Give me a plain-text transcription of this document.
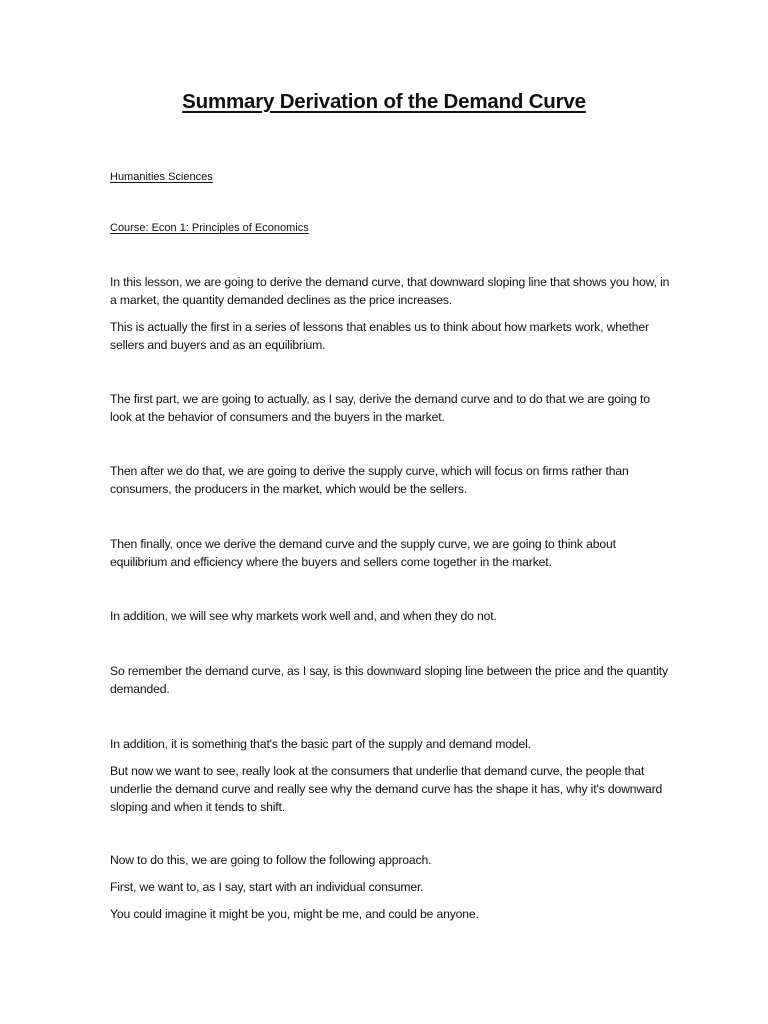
Summary Derivation of the Demand Curve
Humanities Sciences
Course: Econ 1: Principles of Economics
In this lesson, we are going to derive the demand curve, that downward sloping line that shows you how, in a market, the quantity demanded declines as the price increases.
This is actually the first in a series of lessons that enables us to think about how markets work, whether sellers and buyers and as an equilibrium.
The first part, we are going to actually, as I say, derive the demand curve and to do that we are going to look at the behavior of consumers and the buyers in the market.
Then after we do that, we are going to derive the supply curve, which will focus on firms rather than consumers, the producers in the market, which would be the sellers.
Then finally, once we derive the demand curve and the supply curve, we are going to think about equilibrium and efficiency where the buyers and sellers come together in the market.
In addition, we will see why markets work well and, and when they do not.
So remember the demand curve, as I say, is this downward sloping line between the price and the quantity demanded.
In addition, it is something that's the basic part of the supply and demand model.
But now we want to see, really look at the consumers that underlie that demand curve, the people that underlie the demand curve and really see why the demand curve has the shape it has, why it's downward sloping and when it tends to shift.
Now to do this, we are going to follow the following approach.
First, we want to, as I say, start with an individual consumer.
You could imagine it might be you, might be me, and could be anyone.
